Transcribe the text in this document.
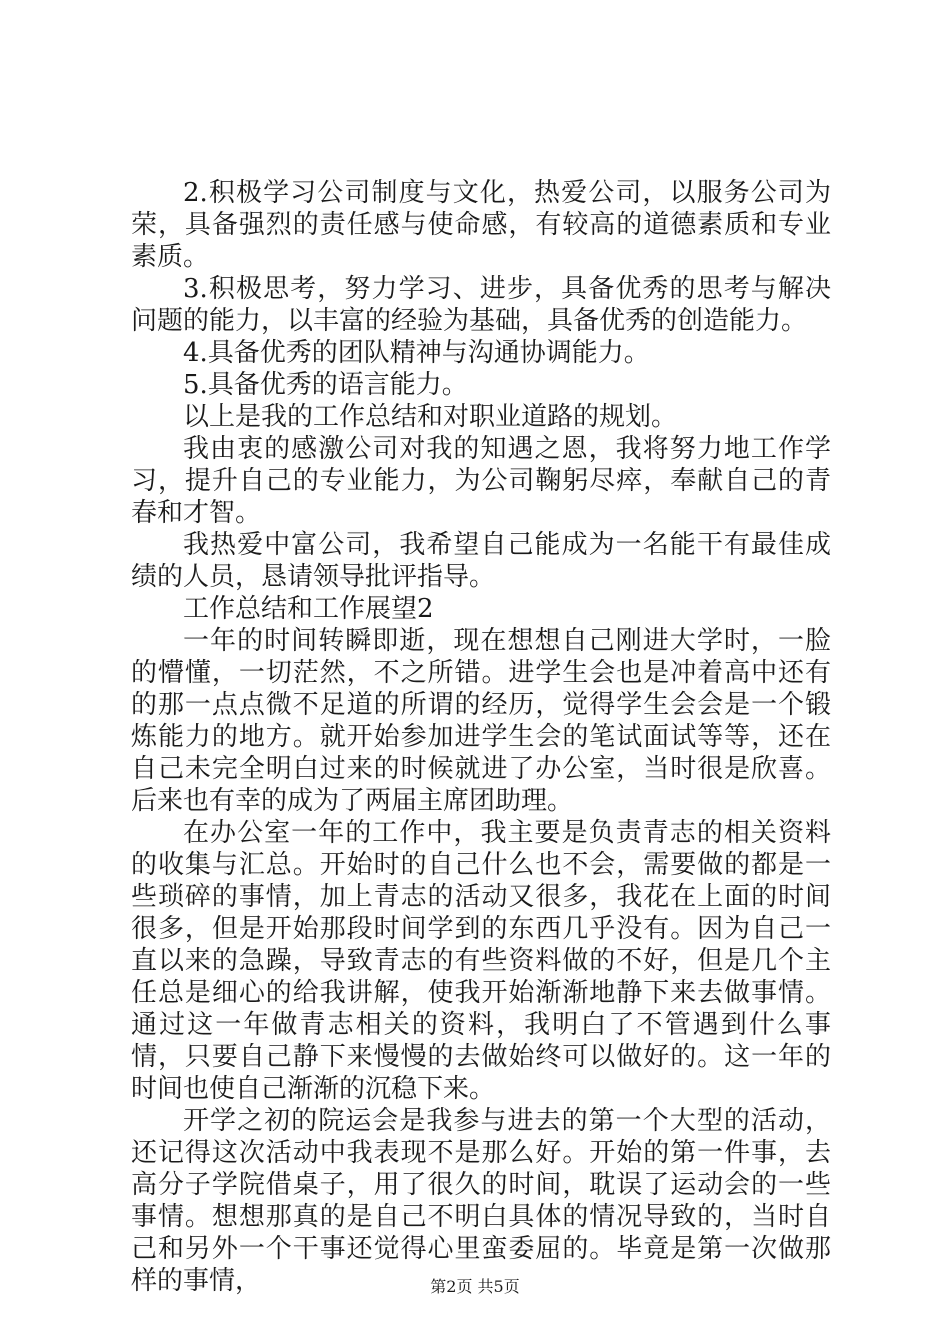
2.积极学习公司制度与文化，热爱公司，以服务公司为荣，具备强烈的责任感与使命感，有较高的道德素质和专业素质。

3.积极思考，努力学习、进步，具备优秀的思考与解决问题的能力，以丰富的经验为基础，具备优秀的创造能力。

4.具备优秀的团队精神与沟通协调能力。

5.具备优秀的语言能力。

以上是我的工作总结和对职业道路的规划。

我由衷的感激公司对我的知遇之恩，我将努力地工作学习，提升自己的专业能力，为公司鞠躬尽瘁，奉献自己的青春和才智。

我热爱中富公司，我希望自己能成为一名能干有最佳成绩的人员，恳请领导批评指导。

工作总结和工作展望2

一年的时间转瞬即逝，现在想想自己刚进大学时，一脸的懵懂，一切茫然，不之所错。进学生会也是冲着高中还有的那一点点微不足道的所谓的经历，觉得学生会会是一个锻炼能力的地方。就开始参加进学生会的笔试面试等等，还在自己未完全明白过来的时候就进了办公室，当时很是欣喜。后来也有幸的成为了两届主席团助理。

在办公室一年的工作中，我主要是负责青志的相关资料的收集与汇总。开始时的自己什么也不会，需要做的都是一些琐碎的事情，加上青志的活动又很多，我花在上面的时间很多，但是开始那段时间学到的东西几乎没有。因为自己一直以来的急躁，导致青志的有些资料做的不好，但是几个主任总是细心的给我讲解，使我开始渐渐地静下来去做事情。通过这一年做青志相关的资料，我明白了不管遇到什么事情，只要自己静下来慢慢的去做始终可以做好的。这一年的时间也使自己渐渐的沉稳下来。

开学之初的院运会是我参与进去的第一个大型的活动，还记得这次活动中我表现不是那么好。开始的第一件事，去高分子学院借桌子，用了很久的时间，耽误了运动会的一些事情。想想那真的是自己不明白具体的情况导致的，当时自己和另外一个干事还觉得心里蛮委屈的。毕竟是第一次做那样的事情，	第2页 共5页
